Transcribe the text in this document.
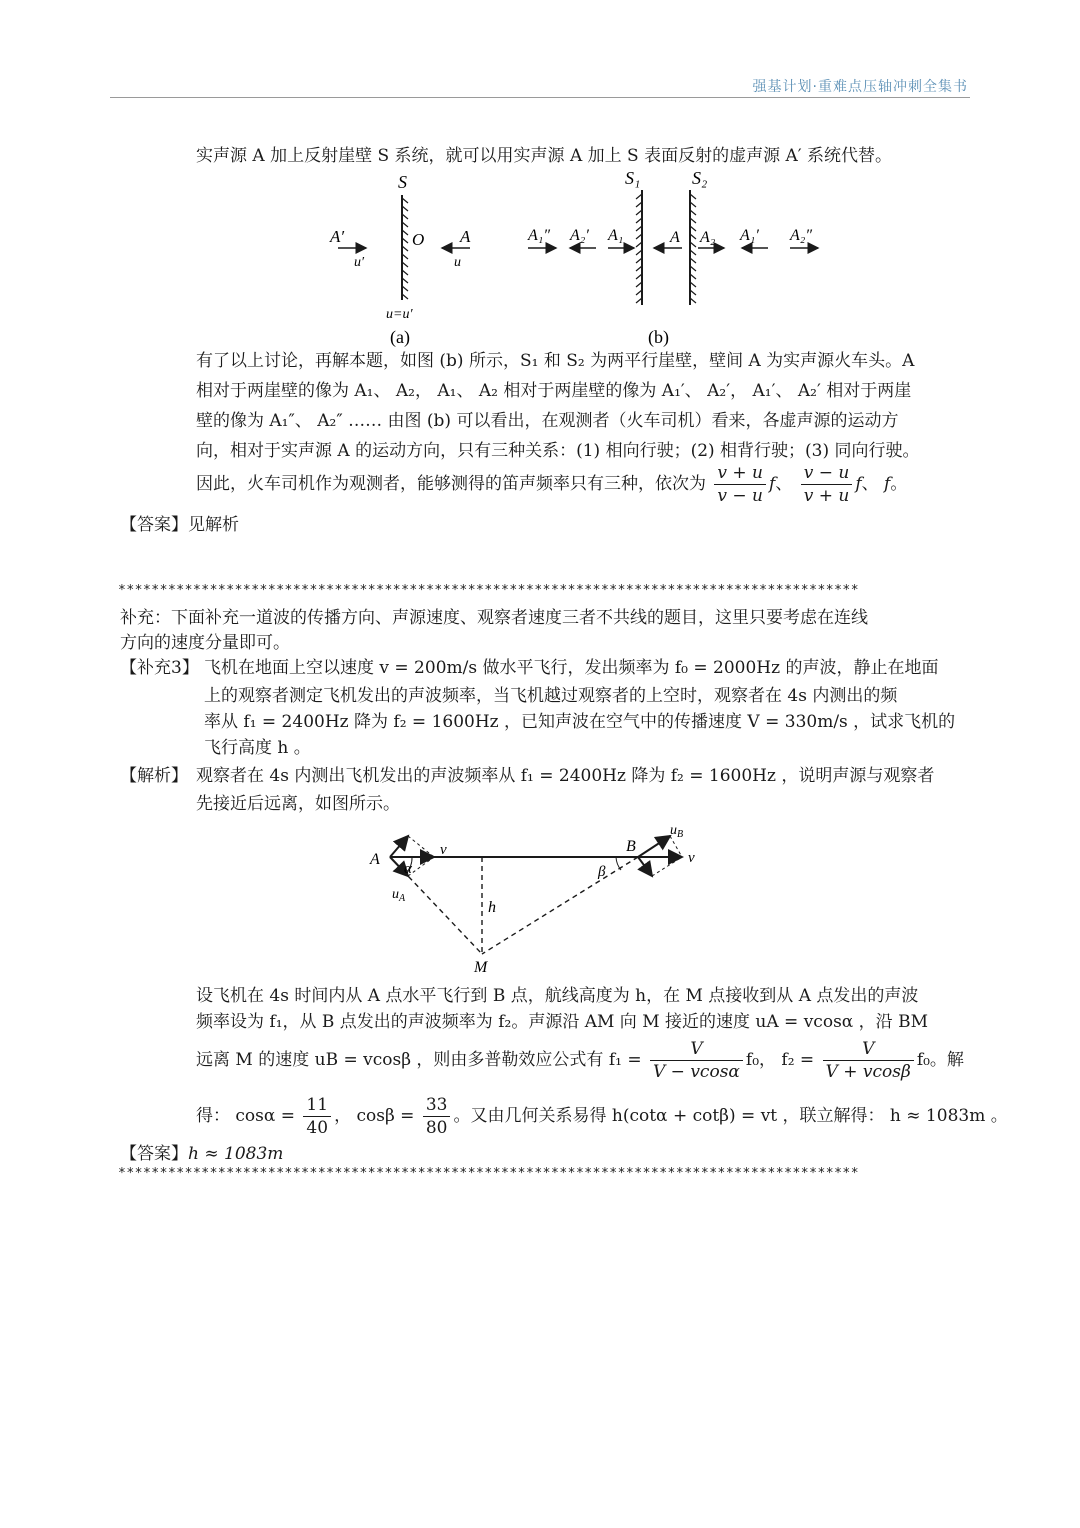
强基计划·重难点压轴冲刺全集书
实声源 A 加上反射崖壁 S 系统，就可以用实声源 A 加上 S 表面反射的虚声源 A′ 系统代替。
S
O
A′
u′
A
u
u=u′
(a)
S₁	S₂
A₁″ A₂′ A₁	A A₂ A₁′ A₂″
(b)
有了以上讨论，再解本题，如图 (b) 所示，S₁ 和 S₂ 为两平行崖壁，壁间 A 为实声源火车头。A
相对于两崖壁的像为 A₁、 A₂， A₁、 A₂ 相对于两崖壁的像为 A₁′、 A₂′， A₁′、 A₂′ 相对于两崖
壁的像为 A₁″、 A₂″ …… 由图 (b) 可以看出，在观测者（火车司机）看来，各虚声源的运动方
向，相对于实声源 A 的运动方向，只有三种关系：(1) 相向行驶；(2) 相背行驶；(3) 同向行驶。
因此，火车司机作为观测者，能够测得的笛声频率只有三种，依次为 $\frac{v + u}{v - u}$ f、 $\frac{v - u}{v + u}$ f、 f。
【答案】见解析
*****************************************************************************************
补充：下面补充一道波的传播方向、声源速度、观察者速度三者不共线的题目，这里只要考虑在连线
方向的速度分量即可。
【补充3】 飞机在地面上空以速度 v = 200m/s 做水平飞行，发出频率为 f₀ = 2000Hz 的声波，静止在地面
上的观察者测定飞机发出的声波频率，当飞机越过观察者的上空时，观察者在 4s 内测出的频
率从 f₁ = 2400Hz 降为 f₂ = 1600Hz ，已知声波在空气中的传播速度 V = 330m/s ，试求飞机的
飞行高度 h 。
【解析】 观察者在 4s 内测出飞机发出的声波频率从 f₁ = 2400Hz 降为 f₂ = 1600Hz ，说明声源与观察者
先接近后远离，如图所示。
A
B
M
h
v	v
α	β
$u_A$
$u_B$
设飞机在 4s 时间内从 A 点水平飞行到 B 点，航线高度为 h，在 M 点接收到从 A 点发出的声波
频率设为 f₁，从 B 点发出的声波频率为 f₂。声源沿 AM 向 M 接近的速度 uA = vcosα ，沿 BM
远离 M 的速度 uB = vcosβ ，则由多普勒效应公式有 $f_1 = \frac{V}{V - vcos\alpha} f_0$， $f_2 = \frac{V}{V + vcos\beta} f_0$。解
得： $\cos\alpha = \frac{11}{40}$ ， $\cos\beta = \frac{33}{80}$ 。又由几何关系易得 h(cotα + cotβ) = vt ，联立解得： h ≈ 1083m 。
【答案】h ≈ 1083m
*****************************************************************************************
